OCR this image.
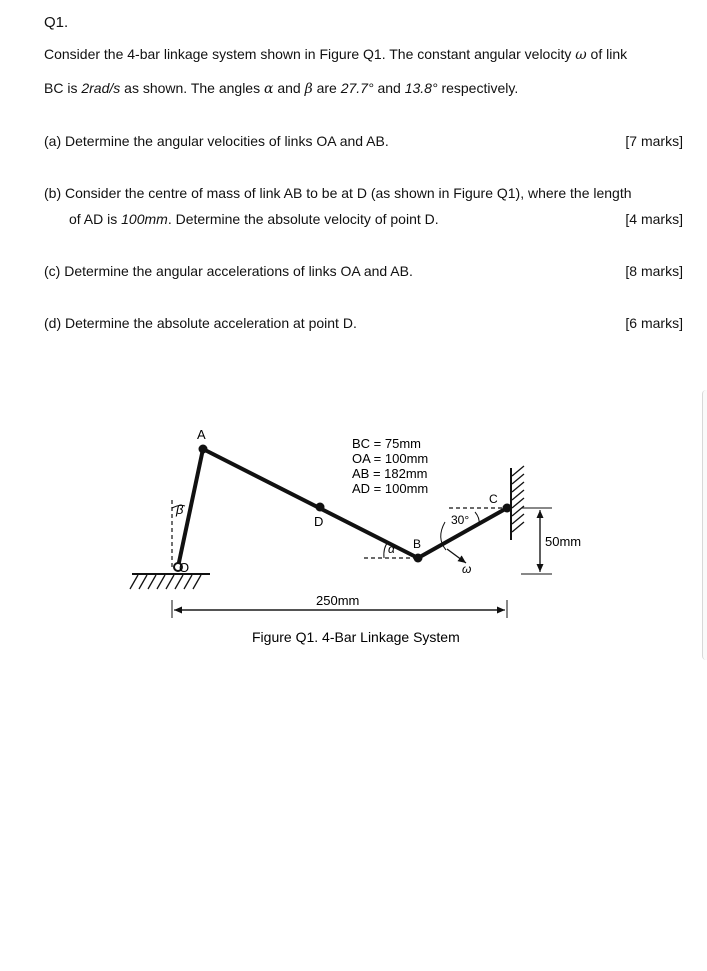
Q1.
Consider the 4-bar linkage system shown in Figure Q1. The constant angular velocity ω of link
BC is 2rad/s as shown. The angles α and β are 27.7° and 13.8° respectively.
(a) Determine the angular velocities of links OA and AB.	[7 marks]
(b) Consider the centre of mass of link AB to be at D (as shown in Figure Q1), where the length
of AD is 100mm. Determine the absolute velocity of point D.	[4 marks]
(c) Determine the angular accelerations of links OA and AB.	[8 marks]
(d) Determine the absolute acceleration at point D.	[6 marks]
β
A
O
D
B
C
BC = 75mm
OA = 100mm
AB = 182mm
AD = 100mm
α
30°
ω
50mm
250mm
Figure Q1. 4-Bar Linkage System
